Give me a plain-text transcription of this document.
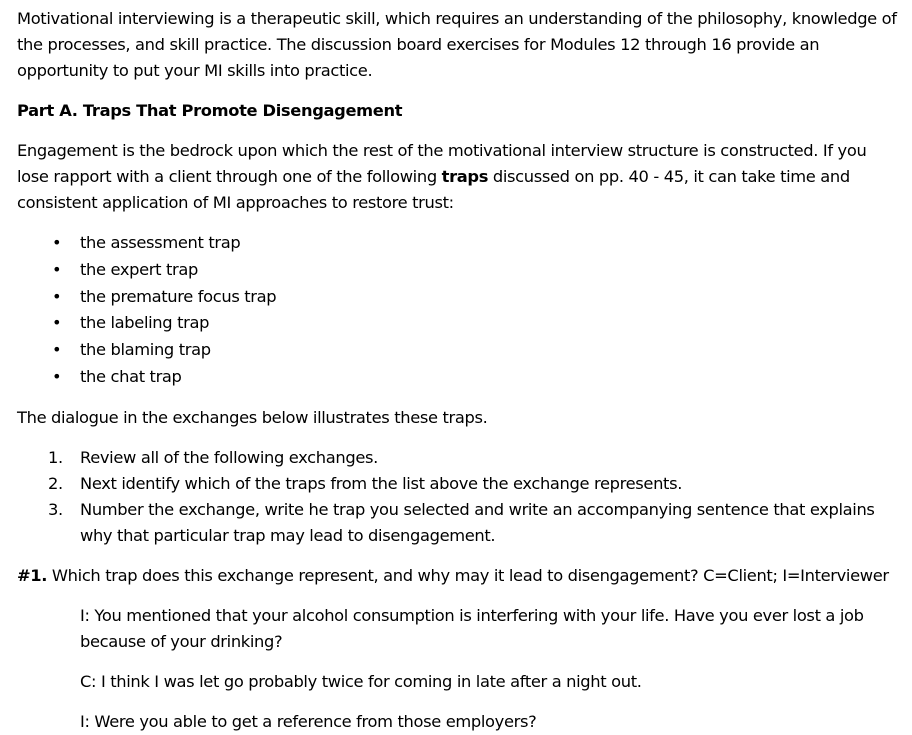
Motivational interviewing is a therapeutic skill, which requires an understanding of the philosophy, knowledge of the processes, and skill practice. The discussion board exercises for Modules 12 through 16 provide an opportunity to put your MI skills into practice.

Part A. Traps That Promote Disengagement

Engagement is the bedrock upon which the rest of the motivational interview structure is constructed. If you lose rapport with a client through one of the following traps discussed on pp. 40 - 45, it can take time and consistent application of MI approaches to restore trust:

• the assessment trap
• the expert trap
• the premature focus trap
• the labeling trap
• the blaming trap
• the chat trap

The dialogue in the exchanges below illustrates these traps.

1. Review all of the following exchanges.
2. Next identify which of the traps from the list above the exchange represents.
3. Number the exchange, write he trap you selected and write an accompanying sentence that explains why that particular trap may lead to disengagement.

#1. Which trap does this exchange represent, and why may it lead to disengagement? C=Client; I=Interviewer

I: You mentioned that your alcohol consumption is interfering with your life. Have you ever lost a job because of your drinking?

C: I think I was let go probably twice for coming in late after a night out.

I: Were you able to get a reference from those employers?
